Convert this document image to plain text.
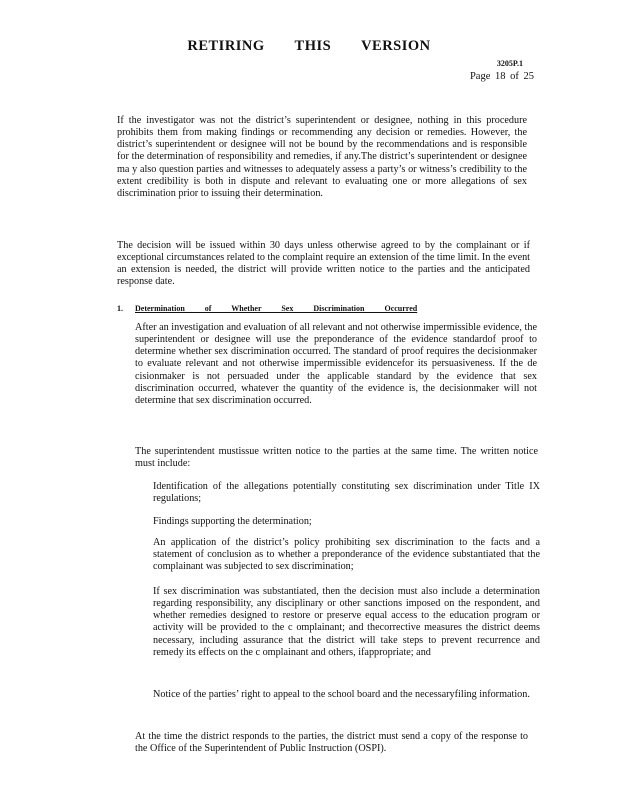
RETIRING THIS VERSION
3205P.1
Page 18 of 25
If the investigator was not the district’s superintendent or designee, nothing in this procedure prohibits them from making findings or recommending any decision or remedies. However, the district’s superintendent or designee will not be bound by the recommendations and is responsible for the determination of responsibility and remedies, if any.The district’s superintendent or designee ma y also question parties and witnesses to adequately assess a party’s or witness’s credibility to the extent credibility is both in dispute and relevant to evaluating one or more allegations of sex discrimination prior to issuing their determination.
The decision will be issued within 30 days unless otherwise agreed to by the complainant or if exceptional circumstances related to the complaint require an extension of the time limit. In the event an extension is needed, the district will provide written notice to the parties and the anticipated response date.
1. Determination of Whether Sex Discrimination Occurred
After an investigation and evaluation of all relevant and not otherwise impermissible evidence, the superintendent or designee will use the preponderance of the evidence standardof proof to determine whether sex discrimination occurred. The standard of proof requires the decisionmaker to evaluate relevant and not otherwise impermissible evidencefor its persuasiveness. If the de cisionmaker is not persuaded under the applicable standard by the evidence that sex discrimination occurred, whatever the quantity of the evidence is, the decisionmaker will not determine that sex discrimination occurred.
The superintendent mustissue written notice to the parties at the same time. The written notice must include:
Identification of the allegations potentially constituting sex discrimination under Title IX regulations;
Findings supporting the determination;
An application of the district’s policy prohibiting sex discrimination to the facts and a statement of conclusion as to whether a preponderance of the evidence substantiated that the complainant was subjected to sex discrimination;
If sex discrimination was substantiated, then the decision must also include a determination regarding responsibility, any disciplinary or other sanctions imposed on the respondent, and whether remedies designed to restore or preserve equal access to the education program or activity will be provided to the c omplainant; and thecorrective measures the district deems necessary, including assurance that the district will take steps to prevent recurrence and remedy its effects on the c omplainant and others, ifappropriate; and
Notice of the parties’ right to appeal to the school board and the necessaryfiling information.
At the time the district responds to the parties, the district must send a copy of the response to the Office of the Superintendent of Public Instruction (OSPI).
